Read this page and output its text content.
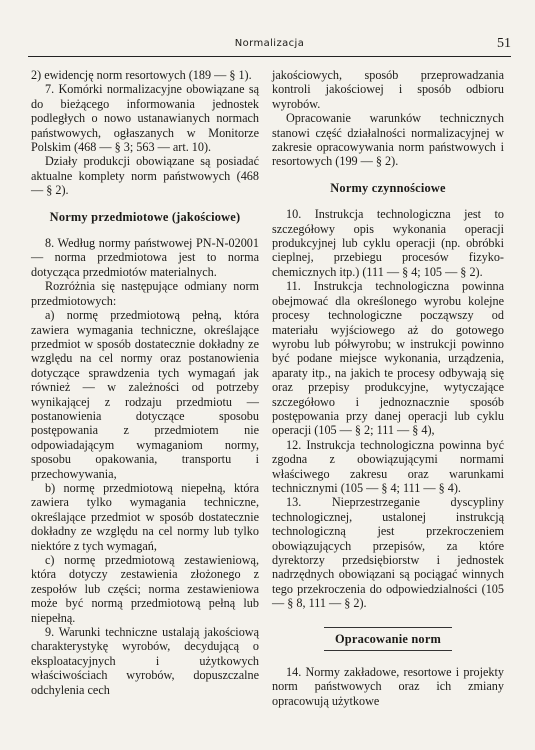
Normalizacja	51

2) ewidencję norm resortowych (189 — § 1).

7. Komórki normalizacyjne obowiązane są do bieżącego informowania jednostek podległych o nowo ustanawianych normach państwowych, ogłaszanych w Monitorze Polskim (468 — § 3; 563 — art. 10).

Działy produkcji obowiązane są posiadać aktualne komplety norm państwowych (468 — § 2).

Normy przedmiotowe (jakościowe)

8. Według normy państwowej PN-N-02001 — norma przedmiotowa jest to norma dotycząca przedmiotów materialnych.

Rozróżnia się następujące odmiany norm przedmiotowych:

a) normę przedmiotową pełną, która zawiera wymagania techniczne, określające przedmiot w sposób dostatecznie dokładny ze względu na cel normy oraz postanowienia dotyczące sprawdzenia tych wymagań jak również — w zależności od potrzeby wynikającej z rodzaju przedmiotu — postanowienia dotyczące sposobu postępowania z przedmiotem nie odpowiadającym wymaganiom normy, sposobu opakowania, transportu i przechowywania,

b) normę przedmiotową niepełną, która zawiera tylko wymagania techniczne, określające przedmiot w sposób dostatecznie dokładny ze względu na cel normy lub tylko niektóre z tych wymagań,

c) normę przedmiotową zestawieniową, która dotyczy zestawienia złożonego z zespołów lub części; norma zestawieniowa może być normą przedmiotową pełną lub niepełną.

9. Warunki techniczne ustalają jakościową charakterystykę wyrobów, decydującą o eksploatacyjnych i użytkowych właściwościach wyrobów, dopuszczalne odchylenia cech

jakościowych, sposób przeprowadzania kontroli jakościowej i sposób odbioru wyrobów.

Opracowanie warunków technicznych stanowi część działalności normalizacyjnej w zakresie opracowywania norm państwowych i resortowych (199 — § 2).

Normy czynnościowe

10. Instrukcja technologiczna jest to szczegółowy opis wykonania operacji produkcyjnej lub cyklu operacji (np. obróbki cieplnej, przebiegu procesów fizyko-chemicznych itp.) (111 — § 4; 105 — § 2).

11. Instrukcja technologiczna powinna obejmować dla określonego wyrobu kolejne procesy technologiczne począwszy od materiału wyjściowego aż do gotowego wyrobu lub półwyrobu; w instrukcji powinno być podane miejsce wykonania, urządzenia, aparaty itp., na jakich te procesy odbywają się oraz przepisy produkcyjne, wytyczające szczegółowo i jednoznacznie sposób postępowania przy danej operacji lub cyklu operacji (105 — § 2; 111 — § 4),

12. Instrukcja technologiczna powinna być zgodna z obowiązującymi normami właściwego zakresu oraz warunkami technicznymi (105 — § 4; 111 — § 4).

13. Nieprzestrzeganie dyscypliny technologicznej, ustalonej instrukcją technologiczną jest przekroczeniem obowiązujących przepisów, za które dyrektorzy przedsiębiorstw i jednostek nadrzędnych obowiązani są pociągać winnych tego przekroczenia do odpowiedzialności (105 — § 8, 111 — § 2).

Opracowanie norm

14. Normy zakładowe, resortowe i projekty norm państwowych oraz ich zmiany opracowują użytkowe
